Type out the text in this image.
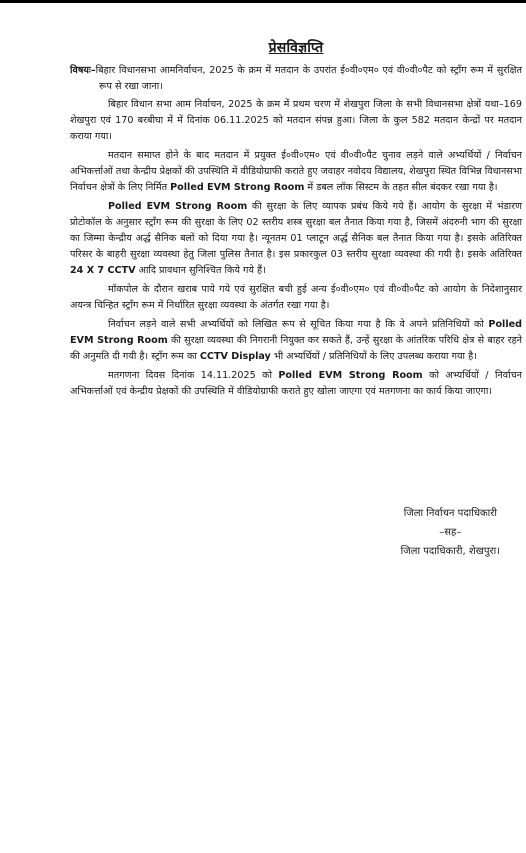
प्रेसविज्ञप्ति

विषयः–बिहार विधानसभा आमनिर्वाचन, 2025 के क्रम में मतदान के उपरांत ई०वी०एम० एवं वी०वी०पैट को स्ट्राँग रूम में सुरक्षित रूप से रखा जाना।

बिहार विधान सभा आम निर्वाचन, 2025 के क्रम में प्रथम चरण में शेखपुरा जिला के सभी विधानसभा क्षेत्रों यथा–169 शेखपुरा एवं 170 बरबीघा में में दिनांक 06.11.2025 को मतदान संपन्न हुआ। जिला के कुल 582 मतदान केन्द्रों पर मतदान कराया गया।

मतदान समाप्त होने के बाद मतदान में प्रयुक्त ई०वी०एम० एवं वी०वी०पैट चुनाव लड़ने वाले अभ्यर्थियों / निर्वाचन अभिकर्त्ताओं तथा केन्द्रीय प्रेक्षकों की उपस्थिति में वीडियोग्राफी कराते हुए जवाहर नवोदय विद्यालय, शेखपुरा स्थित विभिन्न विधानसभा निर्वाचन क्षेत्रों के लिए निर्मित Polled EVM Strong Room में डबल लॉक सिस्टम के तहत सील बंदकर रखा गया है।

Polled EVM Strong Room की सुरक्षा के लिए व्यापक प्रबंध किये गये हैं। आयोग के सुरक्षा में भंडारण प्रोटोकॉल के अनुसार स्ट्राँग रूम की सुरक्षा के लिए 02 स्तरीय शस्त्र सुरक्षा बल तैनात किया गया है, जिसमें अंदरुनी भाग की सुरक्षा का जिम्मा केन्द्रीय अर्द्ध सैनिक बलों को दिया गया है। न्यूनतम 01 प्लाटून अर्द्ध सैनिक बल तैनात किया गया है। इसके अतिरिक्त परिसर के बाहरी सुरक्षा व्यवस्था हेतु जिला पुलिस तैनात है। इस प्रकारकुल 03 स्तरीय सुरक्षा व्यवस्था की गयी है। इसके अतिरिक्त 24 X 7 CCTV आदि प्रावधान सुनिश्चित किये गये हैं।

मॉकपोल के दौरान खराब पाये गये एवं सुरक्षित बची हुई अन्य ई०वी०एम० एवं वी०वी०पैट को आयोग के निदेशानुसार अयन्त्र चिन्हित स्ट्राँग रूम में निर्धारित सुरक्षा व्यवस्था के अंतर्गत रखा गया है।

निर्वाचन लड़ने वाले सभी अभ्यर्थियों को लिखित रूप से सूचित किया गया है कि वे अपने प्रतिनिधियों को Polled EVM Strong Room की सुरक्षा व्यवस्था की निगरानी नियुक्त कर सकते हैं, उन्हें सुरक्षा के आंतरिक परिधि क्षेत्र से बाहर रहने की अनुमति दी गयी है। स्ट्राँग रूम का CCTV Display भी अभ्यर्थियों / प्रतिनिधियों के लिए उपलब्ध कराया गया है।

मतगणना दिवस दिनांक 14.11.2025 को Polled EVM Strong Room को अभ्यर्थियों / निर्वाचन अभिकर्त्ताओं एवं केन्द्रीय प्रेक्षकों की उपस्थिति में वीडियोग्राफी कराते हुए खोला जाएगा एवं मतगणना का कार्य किया जाएगा।

जिला निर्वाचन पदाधिकारी
–सह–
जिला पदाधिकारी, शेखपुरा।
